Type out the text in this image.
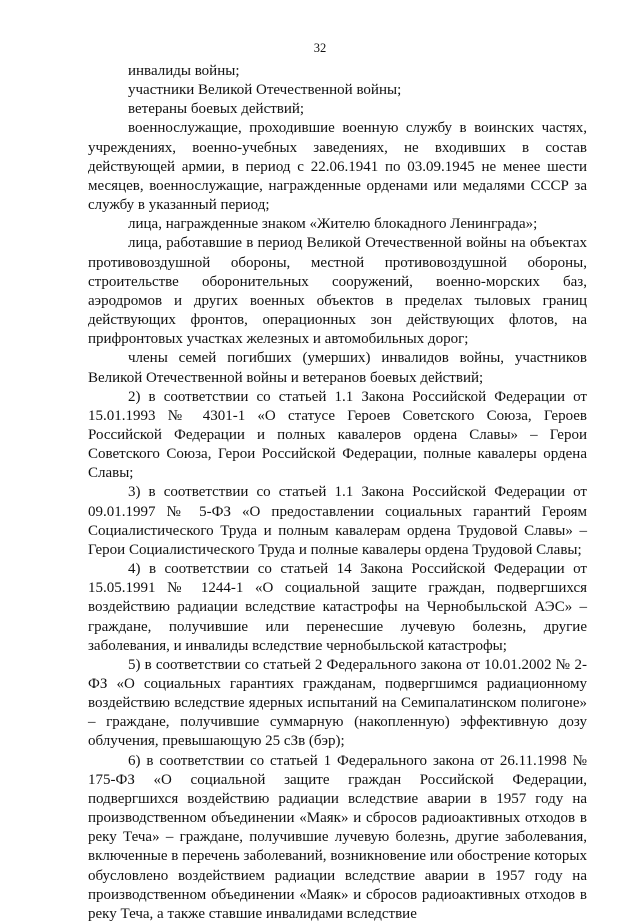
32

инвалиды войны;

участники Великой Отечественной войны;

ветераны боевых действий;

военнослужащие, проходившие военную службу в воинских частях, учреждениях, военно-учебных заведениях, не входивших в состав действующей армии, в период с 22.06.1941 по 03.09.1945 не менее шести месяцев, военнослужащие, награжденные орденами или медалями СССР за службу в указанный период;

лица, награжденные знаком «Жителю блокадного Ленинграда»;

лица, работавшие в период Великой Отечественной войны на объектах противовоздушной обороны, местной противовоздушной обороны, строительстве оборонительных сооружений, военно-морских баз, аэродромов и других военных объектов в пределах тыловых границ действующих фронтов, операционных зон действующих флотов, на прифронтовых участках железных и автомобильных дорог;

члены семей погибших (умерших) инвалидов войны, участников Великой Отечественной войны и ветеранов боевых действий;

2) в соответствии со статьей 1.1 Закона Российской Федерации от 15.01.1993 № 4301-1 «О статусе Героев Советского Союза, Героев Российской Федерации и полных кавалеров ордена Славы» – Герои Советского Союза, Герои Российской Федерации, полные кавалеры ордена Славы;

3) в соответствии со статьей 1.1 Закона Российской Федерации от 09.01.1997 № 5-ФЗ «О предоставлении социальных гарантий Героям Социалистического Труда и полным кавалерам ордена Трудовой Славы» – Герои Социалистического Труда и полные кавалеры ордена Трудовой Славы;

4) в соответствии со статьей 14 Закона Российской Федерации от 15.05.1991 № 1244-1 «О социальной защите граждан, подвергшихся воздействию радиации вследствие катастрофы на Чернобыльской АЭС» – граждане, получившие или перенесшие лучевую болезнь, другие заболевания, и инвалиды вследствие чернобыльской катастрофы;

5) в соответствии со статьей 2 Федерального закона от 10.01.2002 № 2-ФЗ «О социальных гарантиях гражданам, подвергшимся радиационному воздействию вследствие ядерных испытаний на Семипалатинском полигоне» – граждане, получившие суммарную (накопленную) эффективную дозу облучения, превышающую 25 сЗв (бэр);

6) в соответствии со статьей 1 Федерального закона от 26.11.1998 № 175-ФЗ «О социальной защите граждан Российской Федерации, подвергшихся воздействию радиации вследствие аварии в 1957 году на производственном объединении «Маяк» и сбросов радиоактивных отходов в реку Теча» – граждане, получившие лучевую болезнь, другие заболевания, включенные в перечень заболеваний, возникновение или обострение которых обусловлено воздействием радиации вследствие аварии в 1957 году на производственном объединении «Маяк» и сбросов радиоактивных отходов в реку Теча, а также ставшие инвалидами вследствие
